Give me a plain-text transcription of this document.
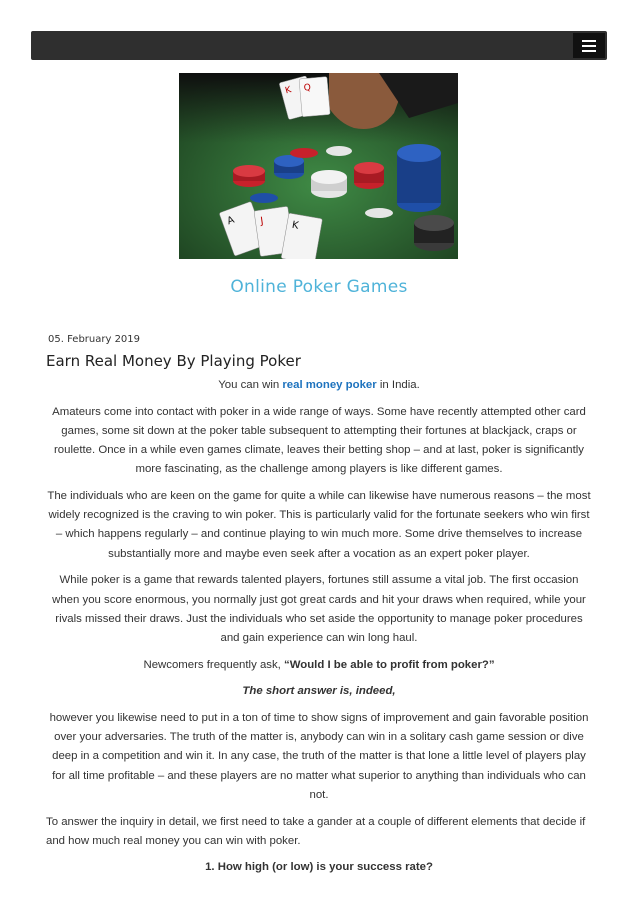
K Q
A J	K
Online Poker Games
05. February 2019
Earn Real Money By Playing Poker

You can win real money poker in India.

Amateurs come into contact with poker in a wide range of ways. Some have recently attempted other card games, some sit down at the poker table subsequent to attempting their fortunes at blackjack, craps or roulette. Once in a while even games climate, leaves their betting shop – and at last, poker is significantly more fascinating, as the challenge among players is like different games.

The individuals who are keen on the game for quite a while can likewise have numerous reasons – the most widely recognized is the craving to win poker. This is particularly valid for the fortunate seekers who win first – which happens regularly – and continue playing to win much more. Some drive themselves to increase substantially more and maybe even seek after a vocation as an expert poker player.

While poker is a game that rewards talented players, fortunes still assume a vital job. The first occasion when you score enormous, you normally just got great cards and hit your draws when required, while your rivals missed their draws. Just the individuals who set aside the opportunity to manage poker procedures and gain experience can win long haul.

Newcomers frequently ask, “Would I be able to profit from poker?”

The short answer is, indeed,

however you likewise need to put in a ton of time to show signs of improvement and gain favorable position over your adversaries. The truth of the matter is, anybody can win in a solitary cash game session or dive deep in a competition and win it. In any case, the truth of the matter is that lone a little level of players play for all time profitable – and these players are no matter what superior to anything than individuals who can not.

To answer the inquiry in detail, we first need to take a gander at a couple of different elements that decide if and how much real money you can win with poker.

1. How high (or low) is your success rate?
